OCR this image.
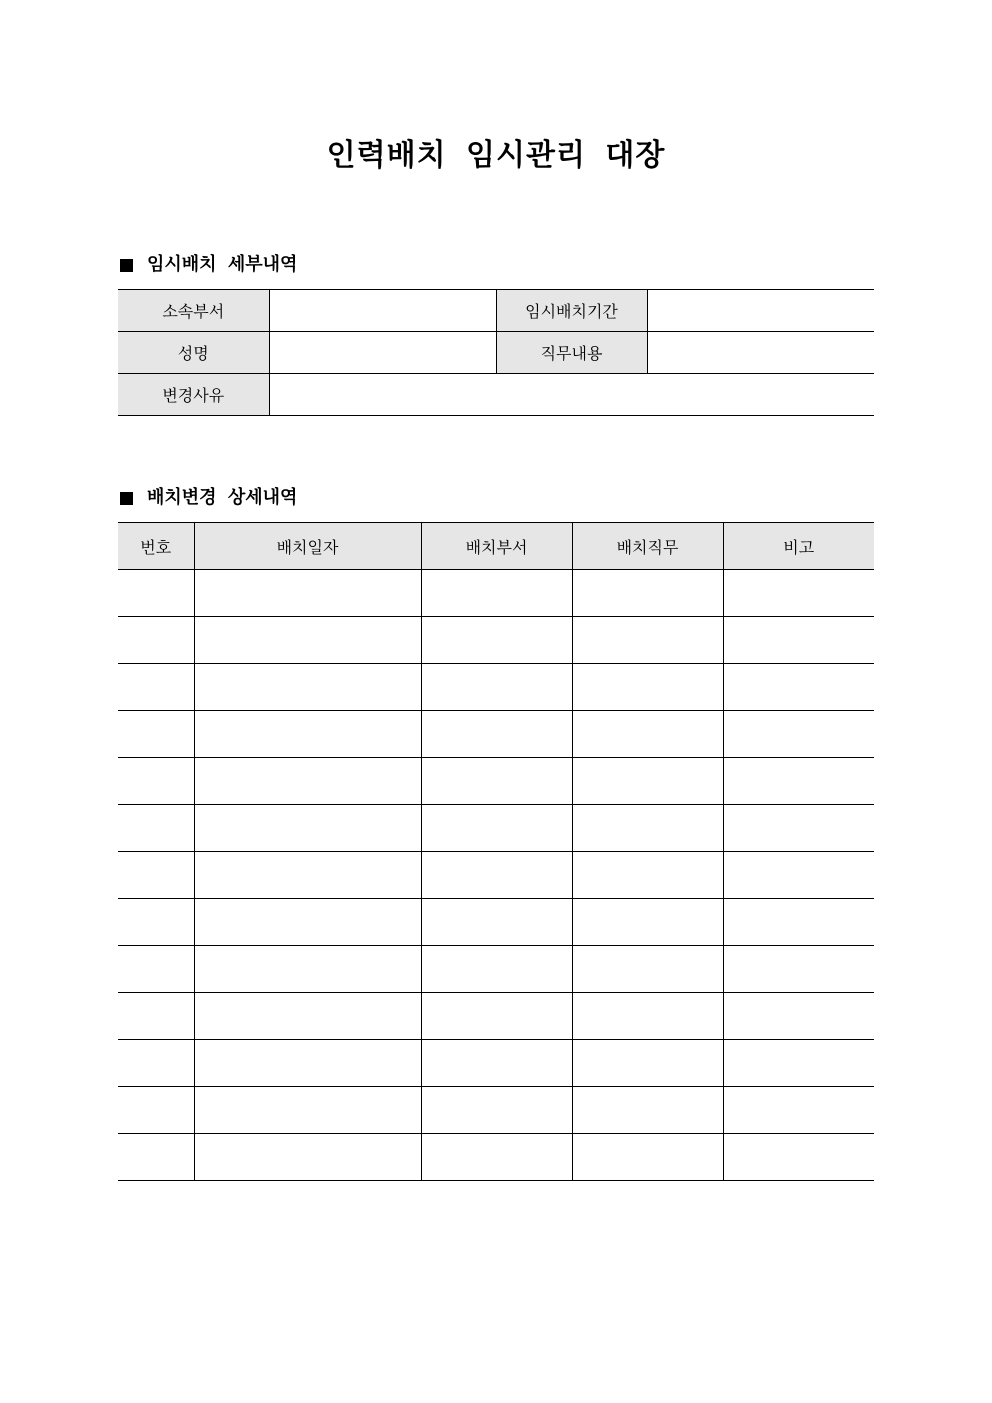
인력배치 임시관리 대장
임시배치 세부내역
소속부서		임시배치기간	
성명		직무내용	
변경사유			
배치변경 상세내역
번호	배치일자	배치부서	배치직무	비고
